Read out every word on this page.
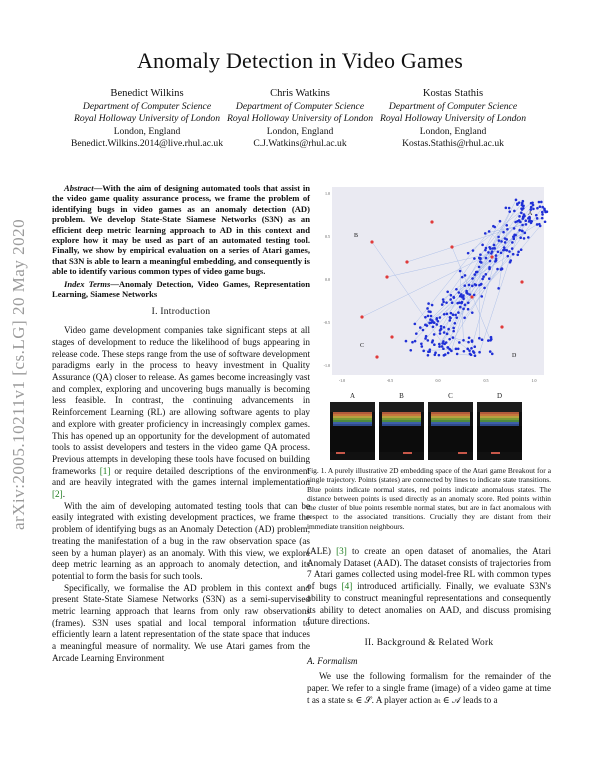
arXiv:2005.10211v1 [cs.LG] 20 May 2020
Anomaly Detection in Video Games
Benedict Wilkins
Department of Computer Science
Royal Holloway University of London
London, England
Benedict.Wilkins.2014@live.rhul.ac.uk
Chris Watkins
Department of Computer Science
Royal Holloway University of London
London, England
C.J.Watkins@rhul.ac.uk
Kostas Stathis
Department of Computer Science
Royal Holloway University of London
London, England
Kostas.Stathis@rhul.ac.uk

Abstract—With the aim of designing automated tools that assist in the video game quality assurance process, we frame the problem of identifying bugs in video games as an anomaly detection (AD) problem. We develop State-State Siamese Networks (S3N) as an efficient deep metric learning approach to AD in this context and explore how it may be used as part of an automated testing tool. Finally, we show by empirical evaluation on a series of Atari games, that S3N is able to learn a meaningful embedding, and consequently is able to identify various common types of video game bugs.

Index Terms—Anomaly Detection, Video Games, Representation Learning, Siamese Networks

I. Introduction

Video game development companies take significant steps at all stages of development to reduce the likelihood of bugs appearing in release code. These steps range from the use of software development paradigms early in the process to heavy investment in Quality Assurance (QA) closer to release. As games become increasingly vast and complex, exploring and uncovering bugs manually is becoming less feasible. In contrast, the continuing advancements in Reinforcement Learning (RL) are allowing software agents to play and explore with greater proficiency in increasingly complex games. This has opened up an opportunity for the development of automated tools to assist developers and testers in the video game QA process. Previous attempts in developing these tools have focused on building frameworks [1] or require detailed descriptions of the environment and are heavily integrated with the games internal implementation [2].

With the aim of developing automated testing tools that can be easily integrated with existing development practices, we frame the problem of identifying bugs as an Anomaly Detection (AD) problem, treating the manifestation of a bug in the raw observation space (as seen by a human player) as an anomaly. With this view, we explore deep metric learning as an approach to anomaly detection, and its potential to form the basis for such tools.

Specifically, we formalise the AD problem in this context and present State-State Siamese Networks (S3N) as a semi-supervised metric learning approach that learns from only raw observations (frames). S3N uses spatial and local temporal information to efficiently learn a latent representation of the state space that induces a meaningful measure of normality. We use Atari games from the Arcade Learning Environment

1.0
0.5
0.0
-0.5
-1.0
-1.0	-0.5	0.0	0.5	1.0
A
B
C
D
A	B	C	D
Fig. 1. A purely illustrative 2D embedding space of the Atari game Breakout for a single trajectory. Points (states) are connected by lines to indicate state transitions. Blue points indicate normal states, red points indicate anomalous states. The distance between points is used directly as an anomaly score. Red points within the cluster of blue points resemble normal states, but are in fact anomalous with respect to the associated transitions. Crucially they are distant from their immediate transition neighbours.

(ALE) [3] to create an open dataset of anomalies, the Atari Anomaly Dataset (AAD). The dataset consists of trajectories from 7 Atari games collected using model-free RL with common types of bugs [4] introduced artificially. Finally, we evaluate S3N's ability to construct meaningful representations and consequently its ability to detect anomalies on AAD, and discuss promising future directions.

II. Background & Related Work
A. Formalism

We use the following formalism for the remainder of the paper. We refer to a single frame (image) of a video game at time t as a state sₜ ∈ 𝒮. A player action aₜ ∈ 𝒜 leads to a
